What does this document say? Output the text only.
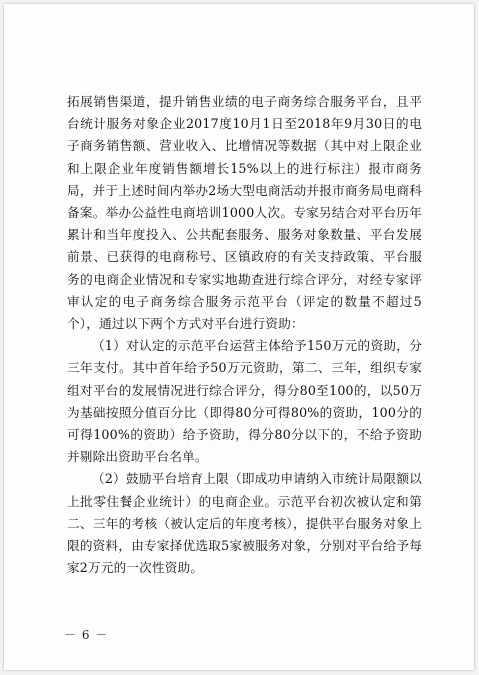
拓展销售渠道，提升销售业绩的电子商务综合服务平台，且平台统计服务对象企业2017度10月1日至2018年9月30日的电子商务销售额、营业收入、比增情况等数据（其中对上限企业和上限企业年度销售额增长15%以上的进行标注）报市商务局，并于上述时间内举办2场大型电商活动并报市商务局电商科备案。举办公益性电商培训1000人次。专家另结合对平台历年累计和当年度投入、公共配套服务、服务对象数量、平台发展前景、已获得的电商称号、区镇政府的有关支持政策、平台服务的电商企业情况和专家实地勘查进行综合评分，对经专家评审认定的电子商务综合服务示范平台（评定的数量不超过5个），通过以下两个方式对平台进行资助：

（1）对认定的示范平台运营主体给予150万元的资助，分三年支付。其中首年给予50万元资助，第二、三年，组织专家组对平台的发展情况进行综合评分，得分80至100的，以50万为基础按照分值百分比（即得80分可得80%的资助，100分的可得100%的资助）给予资助，得分80分以下的，不给予资助并剔除出资助平台名单。

（2）鼓励平台培育上限（即成功申请纳入市统计局限额以上批零住餐企业统计）的电商企业。示范平台初次被认定和第二、三年的考核（被认定后的年度考核），提供平台服务对象上限的资料，由专家择优选取5家被服务对象，分别对平台给予每家2万元的一次性资助。

－ 6 －
